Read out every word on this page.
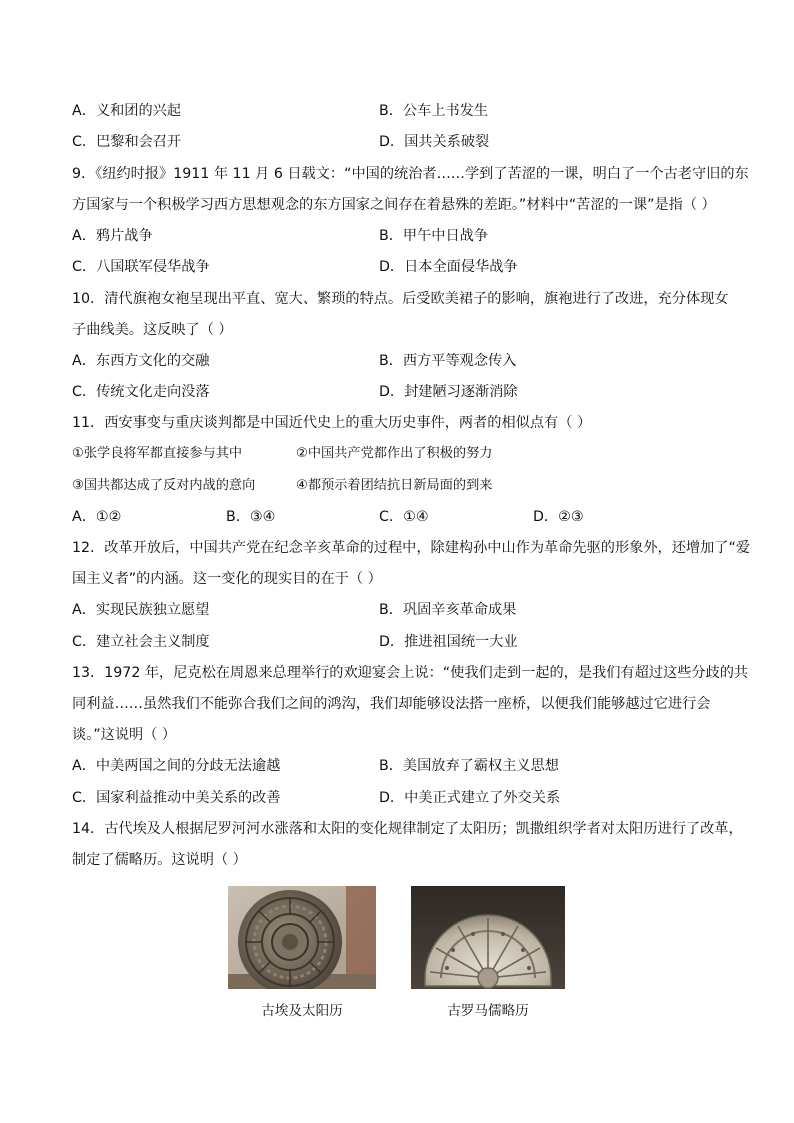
A．义和团的兴起	B．公车上书发生
C．巴黎和会召开	D．国共关系破裂
9．《纽约时报》1911 年 11 月 6 日载文：“中国的统治者……学到了苦涩的一课，明白了一个古老守旧的东
方国家与一个积极学习西方思想观念的东方国家之间存在着悬殊的差距。”材料中“苦涩的一课”是指（ ）
A．鸦片战争	B．甲午中日战争
C．八国联军侵华战争	D．日本全面侵华战争
10．清代旗袍女袍呈现出平直、宽大、繁琐的特点。后受欧美裙子的影响，旗袍进行了改进，充分体现女
子曲线美。这反映了（ ）
A．东西方文化的交融	B．西方平等观念传入
C．传统文化走向没落	D．封建陋习逐渐消除
11．西安事变与重庆谈判都是中国近代史上的重大历史事件，两者的相似点有（ ）
①张学良将军都直接参与其中	②中国共产党都作出了积极的努力
③国共都达成了反对内战的意向	④都预示着团结抗日新局面的到来
A．①②	B．③④	C．①④	D．②③
12．改革开放后，中国共产党在纪念辛亥革命的过程中，除建构孙中山作为革命先驱的形象外，还增加了“爱
国主义者”的内涵。这一变化的现实目的在于（ ）
A．实现民族独立愿望	B．巩固辛亥革命成果
C．建立社会主义制度	D．推进祖国统一大业
13．1972 年，尼克松在周恩来总理举行的欢迎宴会上说：“使我们走到一起的，是我们有超过这些分歧的共
同利益……虽然我们不能弥合我们之间的鸿沟，我们却能够设法搭一座桥，以便我们能够越过它进行会
谈。”这说明（ ）
A．中美两国之间的分歧无法逾越	B．美国放弃了霸权主义思想
C．国家利益推动中美关系的改善	D．中美正式建立了外交关系
14．古代埃及人根据尼罗河河水涨落和太阳的变化规律制定了太阳历；凯撒组织学者对太阳历进行了改革，
制定了儒略历。这说明（ ）
古埃及太阳历	古罗马儒略历
